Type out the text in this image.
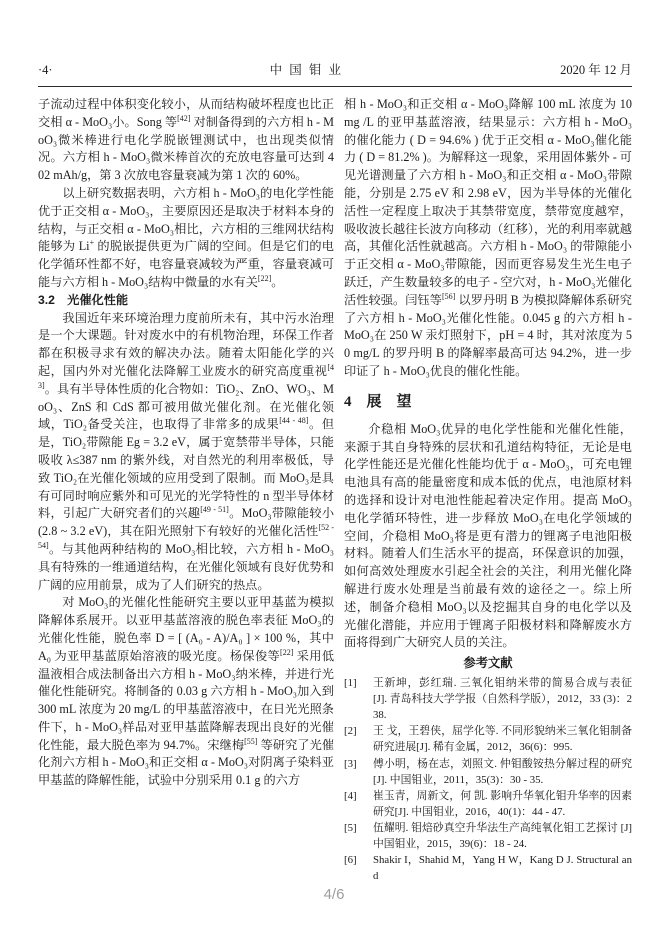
·4·	中 国 钼 业	2020 年 12 月
子流动过程中体积变化较小，从而结构破坏程度也比正交相 α - MoO₃小。Song 等[42] 对制备得到的六方相 h - MoO₃微米棒进行电化学脱嵌锂测试中，也出现类似情况。六方相 h - MoO₃微米棒首次的充放电容量可达到 402 mAh/g，第 3 次放电容量衰减为第 1 次的 60%。
以上研究数据表明，六方相 h - MoO₃的电化学性能优于正交相 α - MoO₃，主要原因还是取决于材料本身的结构，与正交相 α - MoO₃相比，六方相的三维网状结构能够为 Li+ 的脱嵌提供更为广阔的空间。但是它们的电化学循环性都不好，电容量衰减较为严重，容量衰减可能与六方相 h - MoO₃结构中微量的水有关[22]。
3.2　光催化性能
我国近年来环境治理力度前所未有，其中污水治理是一个大课题。针对废水中的有机物治理，环保工作者都在积极寻求有效的解决办法。随着太阳能化学的兴起，国内外对光催化法降解工业废水的研究高度重视[43]。具有半导体性质的化合物如：TiO₂、ZnO、WO₃、MoO₃、ZnS 和 CdS 都可被用做光催化剂。在光催化领域，TiO₂备受关注，也取得了非常多的成果[44 - 48]。但是，TiO₂带隙能 Eg = 3.2 eV，属于宽禁带半导体，只能吸收 λ≤387 nm 的紫外线，对自然光的利用率极低，导致 TiO₂在光催化领域的应用受到了限制。而 MoO₃是具有可同时响应紫外和可见光的光学特性的 n 型半导体材料，引起广大研究者们的兴趣[49 - 51]。MoO₃带隙能较小(2.8 ~ 3.2 eV)，其在阳光照射下有较好的光催化活性[52 - 54]。与其他两种结构的 MoO₃相比较，六方相 h - MoO₃具有特殊的一维通道结构，在光催化领域有良好优势和广阔的应用前景，成为了人们研究的热点。
对 MoO₃的光催化性能研究主要以亚甲基蓝为模拟降解体系展开。以亚甲基蓝溶液的脱色率表征 MoO₃的光催化性能，脱色率 D = [ (A₀ - A)/A₀ ] × 100 %，其中 A₀ 为亚甲基蓝原始溶液的吸光度。杨保俊等[22] 采用低温液相合成法制备出六方相 h - MoO₃纳米棒，并进行光催化性能研究。将制备的 0.03 g 六方相 h - MoO₃加入到 300 mL 浓度为 20 mg/L 的甲基蓝溶液中，在日光光照条件下，h - MoO₃样品对亚甲基蓝降解表现出良好的光催化性能，最大脱色率为 94.7%。宋继梅[55] 等研究了光催化剂六方相 h - MoO₃和正交相 α - MoO₃对阴离子染料亚甲基蓝的降解性能，试验中分别采用 0.1 g 的六方
相 h - MoO₃和正交相 α - MoO₃降解 100 mL 浓度为 10 mg /L 的亚甲基蓝溶液，结果显示：六方相 h - MoO₃的催化能力 ( D = 94.6% ) 优于正交相 α - MoO₃催化能力 ( D = 81.2% )。为解释这一现象，采用固体紫外 - 可见光谱测量了六方相 h - MoO₃和正交相 α - MoO₃带隙能，分别是 2.75 eV 和 2.98 eV，因为半导体的光催化活性一定程度上取决于其禁带宽度，禁带宽度越窄，吸收波长越往长波方向移动（红移），光的利用率就越高，其催化活性就越高。六方相 h - MoO₃ 的带隙能小于正交相 α - MoO₃带隙能，因而更容易发生光生电子跃迁，产生数量较多的电子 - 空穴对，h - MoO₃光催化活性较强。闫钰等[56] 以罗丹明 B 为模拟降解体系研究了六方相 h - MoO₃光催化性能。0.045 g 的六方相 h - MoO₃在 250 W 汞灯照射下，pH = 4 时，其对浓度为 50 mg/L 的罗丹明 B 的降解率最高可达 94.2%，进一步印证了 h - MoO₃优良的催化性能。
4　展　望
介稳相 MoO₃优异的电化学性能和光催化性能，来源于其自身特殊的层状和孔道结构特征，无论是电化学性能还是光催化性能均优于 α - MoO₃，可充电锂电池具有高的能量密度和成本低的优点，电池原材料的选择和设计对电池性能起着决定作用。提高 MoO₃电化学循环特性，进一步释放 MoO₃在电化学领域的空间，介稳相 MoO₃将是更有潜力的锂离子电池阳极材料。随着人们生活水平的提高，环保意识的加强，如何高效处理废水引起全社会的关注，利用光催化降解进行废水处理是当前最有效的途径之一。综上所述，制备介稳相 MoO₃以及挖掘其自身的电化学以及光催化潜能，并应用于锂离子阳极材料和降解废水方面将得到广大研究人员的关注。
参考文献
[1] 王新坤，彭红瑞. 三氧化钼纳米带的简易合成与表征 [J]. 青岛科技大学学报（自然科学版），2012，33 (3)：238.
[2] 王 戈，王碧侠，屈学化等. 不同形貌纳米三氧化钼制备研究进展[J]. 稀有金属，2012，36(6)：995.
[3] 傅小明，杨在志，刘照文. 仲钼酸铵热分解过程的研究 [J]. 中国钼业，2011，35(3)：30 - 35.
[4] 崔玉青，周新文，何 凯. 影响升华氧化钼升华率的因素研究[J]. 中国钼业，2016，40(1)：44 - 47.
[5] 伍耀明. 钼焙砂真空升华法生产高纯氧化钼工艺探讨 [J]中国钼业，2015，39(6)：18 - 24.
[6] Shakir I，Shahid M，Yang H W，Kang D J. Structural and
4/6
